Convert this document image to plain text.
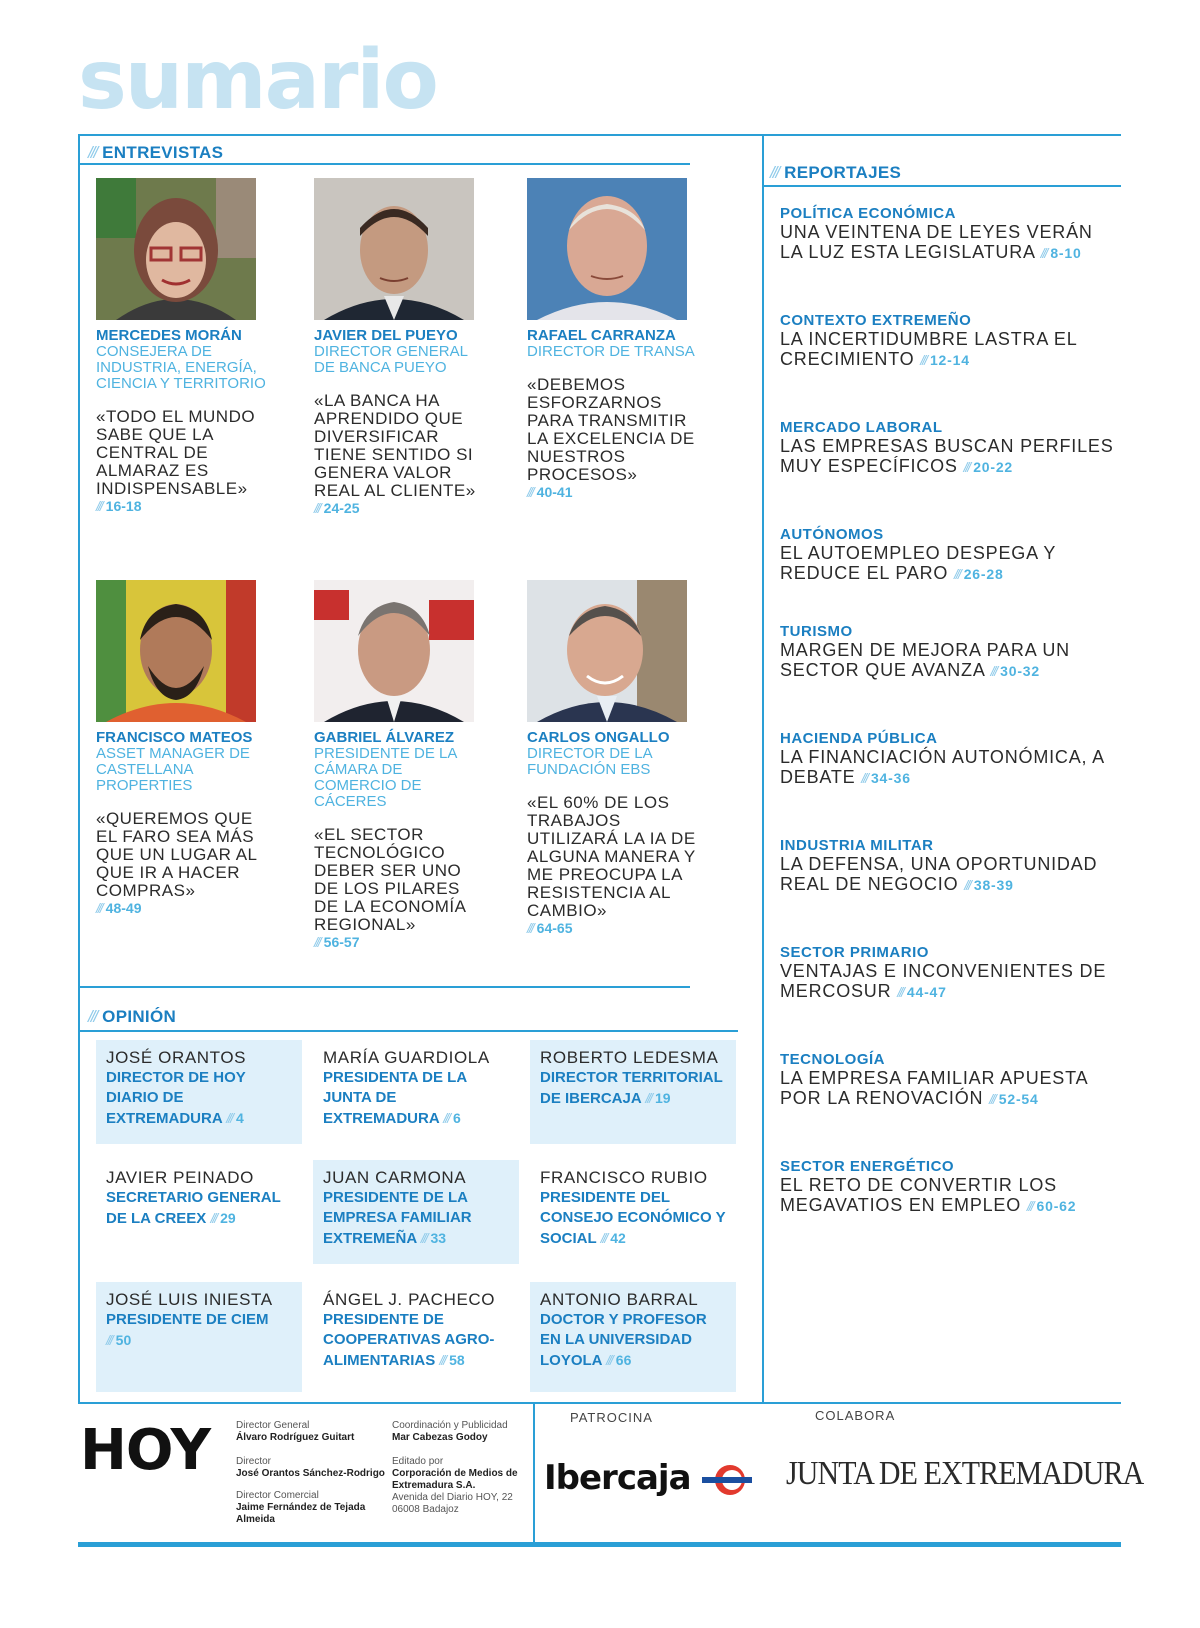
sumario
/// ENTREVISTAS
/// REPORTAJES
/// OPINIÓN
MERCEDES MORÁN
CONSEJERA DE INDUSTRIA, ENERGÍA, CIENCIA Y TERRITORIO
«TODO EL MUNDO SABE QUE LA CENTRAL DE ALMARAZ ES INDISPENSABLE»
/// 16-18
JAVIER DEL PUEYO
DIRECTOR GENERAL DE BANCA PUEYO
«LA BANCA HA APRENDIDO QUE DIVERSIFICAR TIENE SENTIDO SI GENERA VALOR REAL AL CLIENTE»
/// 24-25
RAFAEL CARRANZA
DIRECTOR DE TRANSA
«DEBEMOS ESFORZARNOS PARA TRANSMITIR LA EXCELENCIA DE NUESTROS PROCESOS»
/// 40-41
FRANCISCO MATEOS ASSET MANAGER DE CASTELLANA PROPERTIES
«QUEREMOS QUE EL FARO SEA MÁS QUE UN LUGAR AL QUE IR A HACER COMPRAS»
/// 48-49
GABRIEL ÁLVAREZ
PRESIDENTE DE LA CÁMARA DE COMERCIO DE CÁCERES
«EL SECTOR TECNOLÓGICO DEBER SER UNO DE LOS PILARES DE LA ECONOMÍA REGIONAL»
/// 56-57
CARLOS ONGALLO
DIRECTOR DE LA FUNDACIÓN EBS
«EL 60% DE LOS TRABAJOS UTILIZARÁ LA IA DE ALGUNA MANERA Y ME PREOCUPA LA RESISTENCIA AL CAMBIO»
/// 64-65
POLÍTICA ECONÓMICA
UNA VEINTENA DE LEYES VERÁN LA LUZ ESTA LEGISLATURA /// 8-10
CONTEXTO EXTREMEÑO
LA INCERTIDUMBRE LASTRA EL CRECIMIENTO /// 12-14
MERCADO LABORAL
LAS EMPRESAS BUSCAN PERFILES MUY ESPECÍFICOS /// 20-22
AUTÓNOMOS
EL AUTOEMPLEO DESPEGA Y REDUCE EL PARO /// 26-28
TURISMO
MARGEN DE MEJORA PARA UN SECTOR QUE AVANZA /// 30-32
HACIENDA PÚBLICA
LA FINANCIACIÓN AUTONÓMICA, A DEBATE /// 34-36
INDUSTRIA MILITAR
LA DEFENSA, UNA OPORTUNIDAD REAL DE NEGOCIO /// 38-39
SECTOR PRIMARIO
VENTAJAS E INCONVENIENTES DE MERCOSUR /// 44-47
TECNOLOGÍA
LA EMPRESA FAMILIAR APUESTA POR LA RENOVACIÓN /// 52-54
SECTOR ENERGÉTICO
EL RETO DE CONVERTIR LOS MEGAVATIOS EN EMPLEO /// 60-62
JOSÉ ORANTOS
DIRECTOR DE HOY DIARIO DE EXTREMADURA /// 4
MARÍA GUARDIOLA
PRESIDENTA DE LA JUNTA DE EXTREMADURA /// 6
ROBERTO LEDESMA
DIRECTOR TERRITORIAL DE IBERCAJA /// 19
JAVIER PEINADO
SECRETARIO GENERAL DE LA CREEX /// 29
JUAN CARMONA
PRESIDENTE DE LA EMPRESA FAMILIAR EXTREMEÑA /// 33
FRANCISCO RUBIO
PRESIDENTE DEL CONSEJO ECONÓMICO Y SOCIAL /// 42
JOSÉ LUIS INIESTA
PRESIDENTE DE CIEM /// 50
ÁNGEL J. PACHECO
PRESIDENTE DE COOPERATIVAS AGRO-ALIMENTARIAS /// 58
ANTONIO BARRAL
DOCTOR Y PROFESOR EN LA UNIVERSIDAD LOYOLA /// 66
HOY	Director General
Álvaro Rodríguez Guitart
Director
José Orantos Sánchez-Rodrigo
Director Comercial
Jaime Fernández de Tejada Almeida
Coordinación y Publicidad
Mar Cabezas Godoy
Editado por
Corporación de Medios de Extremadura S.A.
Avenida del Diario HOY, 22 06008 Badajoz
PATROCINA
Ibercaja
COLABORA
JUNTA DE EXTREMADURA
